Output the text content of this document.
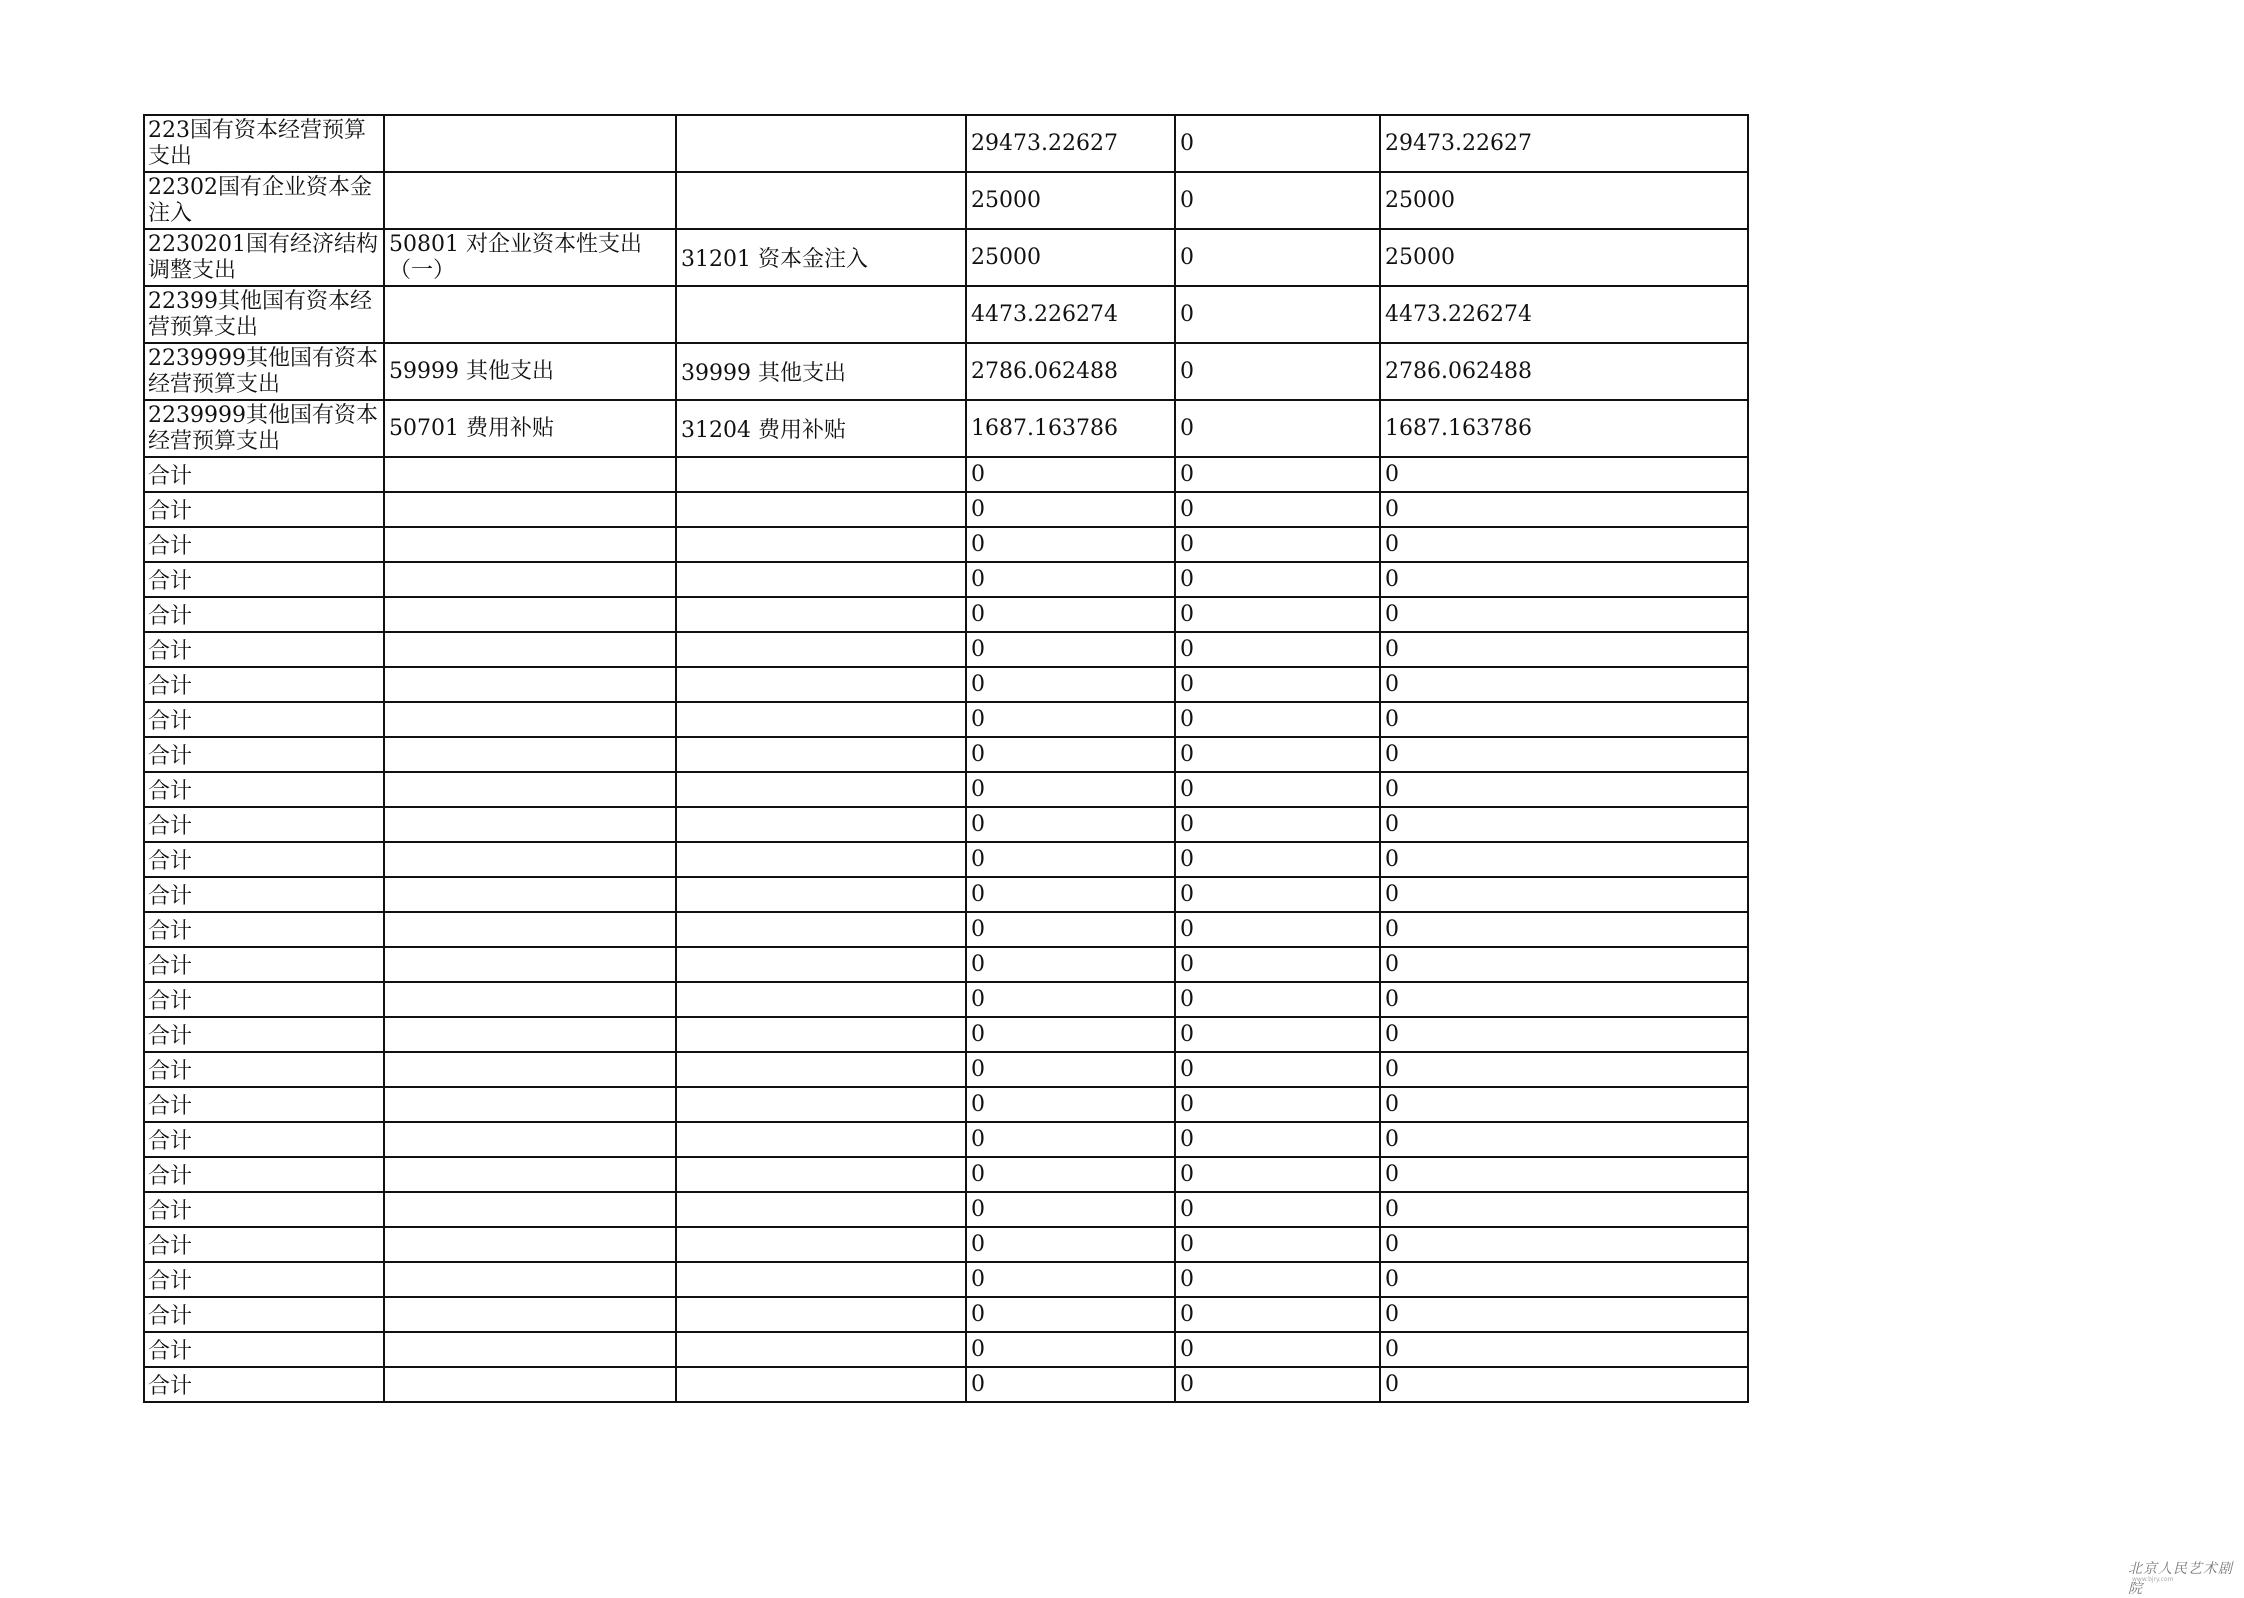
223国有资本经营预算支出			29473.22627	0	29473.22627
22302国有企业资本金注入			25000	0	25000
2230201国有经济结构调整支出	50801 对企业资本性支出（一）	31201 资本金注入	25000	0	25000
22399其他国有资本经营预算支出			4473.226274	0	4473.226274
2239999其他国有资本经营预算支出	59999 其他支出	39999 其他支出	2786.062488	0	2786.062488
2239999其他国有资本经营预算支出	50701 费用补贴	31204 费用补贴	1687.163786	0	1687.163786
合计			0	0	0
合计			0	0	0
合计			0	0	0
合计			0	0	0
合计			0	0	0
合计			0	0	0
合计			0	0	0
合计			0	0	0
合计			0	0	0
合计			0	0	0
合计			0	0	0
合计			0	0	0
合计			0	0	0
合计			0	0	0
合计			0	0	0
合计			0	0	0
合计			0	0	0
合计			0	0	0
合计			0	0	0
合计			0	0	0
合计			0	0	0
合计			0	0	0
合计			0	0	0
合计			0	0	0
合计			0	0	0
合计			0	0	0
合计			0	0	0
北京人民艺术剧院
www.bjry.com
